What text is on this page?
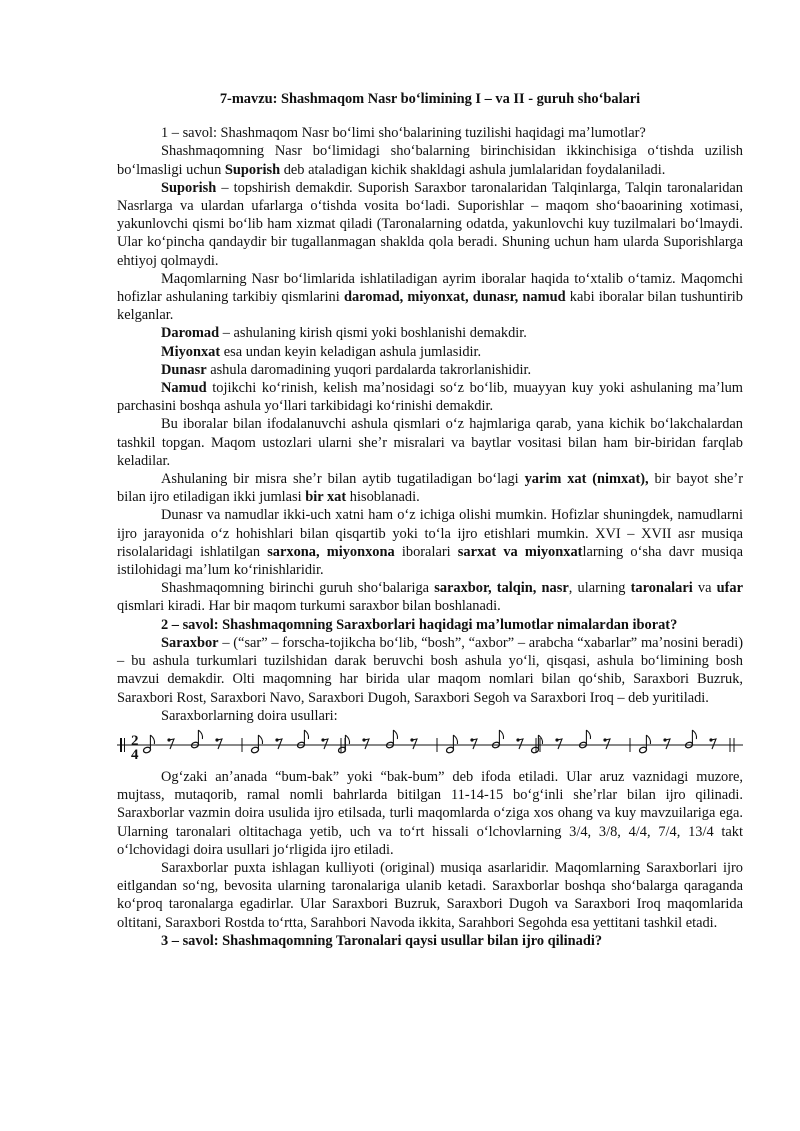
7-mavzu: Shashmaqom Nasr boʻlimining I – va II - guruh shoʻbalari
1 – savol: Shashmaqom Nasr boʻlimi shoʻbalarining tuzilishi haqidagi maʼlumotlar?

Shashmaqomning Nasr boʻlimidagi shoʻbalarning birinchisidan ikkinchisiga oʻtishda uzilish boʻlmasligi uchun Suporish deb ataladigan kichik shakldagi ashula jumlalaridan foydalaniladi.

Suporish – topshirish demakdir. Suporish Saraxbor taronalaridan Talqinlarga, Talqin taronalaridan Nasrlarga va ulardan ufarlarga oʻtishda vosita boʻladi. Suporishlar – maqom shoʻbaoarining xotimasi, yakunlovchi qismi boʻlib ham xizmat qiladi (Taronalarning odatda, yakunlovchi kuy tuzilmalari boʻlmaydi. Ular koʻpincha qandaydir bir tugallanmagan shaklda qola beradi. Shuning uchun ham ularda Suporishlarga ehtiyoj qolmaydi.

Maqomlarning Nasr boʻlimlarida ishlatiladigan ayrim iboralar haqida toʻxtalib oʻtamiz. Maqomchi hofizlar ashulaning tarkibiy qismlarini daromad, miyonxat, dunasr, namud kabi iboralar bilan tushuntirib kelganlar.

Daromad – ashulaning kirish qismi yoki boshlanishi demakdir.

Miyonxat esa undan keyin keladigan ashula jumlasidir.

Dunasr ashula daromadining yuqori pardalarda takrorlanishidir.

Namud tojikchi koʻrinish, kelish maʼnosidagi soʻz boʻlib, muayyan kuy yoki ashulaning maʼlum parchasini boshqa ashula yoʻllari tarkibidagi koʻrinishi demakdir.

Bu iboralar bilan ifodalanuvchi ashula qismlari oʻz hajmlariga qarab, yana kichik boʻlakchalardan tashkil topgan. Maqom ustozlari ularni sheʼr misralari va baytlar vositasi bilan ham bir-biridan farqlab keladilar.

Ashulaning bir misra sheʼr bilan aytib tugatiladigan boʻlagi yarim xat (nimxat), bir bayot sheʼr bilan ijro etiladigan ikki jumlasi bir xat hisoblanadi.

Dunasr va namudlar ikki-uch xatni ham oʻz ichiga olishi mumkin. Hofizlar shuningdek, namudlarni ijro jarayonida oʻz hohishlari bilan qisqartib yoki toʻla ijro etishlari mumkin. XVI – XVII asr musiqa risolalaridagi ishlatilgan sarxona, miyonxona iboralari sarxat va miyonxatlarning oʻsha davr musiqa istilohidagi maʼlum koʻrinishlaridir.

Shashmaqomning birinchi guruh shoʻbalariga saraxbor, talqin, nasr, ularning taronalari va ufar qismlari kiradi. Har bir maqom turkumi saraxbor bilan boshlanadi.

2 – savol: Shashmaqomning Saraxborlari haqidagi maʼlumotlar nimalardan iborat?

Saraxbor – (“sar” – forscha-tojikcha boʻlib, “bosh”, “axbor” – arabcha “xabarlar” maʼnosini beradi) – bu ashula turkumlari tuzilshidan darak beruvchi bosh ashula yoʻli, qisqasi, ashula boʻlimining bosh mavzui demakdir. Olti maqomning har birida ular maqom nomlari bilan qoʻshib, Saraxbori Buzruk, Saraxbori Rost, Saraxbori Navo, Saraxbori Dugoh, Saraxbori Segoh va Saraxbori Iroq – deb yuritiladi.

Saraxborlarning doira usullari:
2
4

Ogʻzaki anʼanada “bum-bak” yoki “bak-bum” deb ifoda etiladi. Ular aruz vaznidagi muzore, mujtass, mutaqorib, ramal nomli bahrlarda bitilgan 11-14-15 boʻgʻinli sheʼrlar bilan ijro qilinadi. Saraxborlar vazmin doira usulida ijro etilsada, turli maqomlarda oʻziga xos ohang va kuy mavzuilariga ega. Ularning taronalari oltitachaga yetib, uch va toʻrt hissali oʻlchovlarning 3/4, 3/8, 4/4, 7/4, 13/4 takt oʻlchovidagi doira usullari joʻrligida ijro etiladi.

Saraxborlar puxta ishlagan kulliyoti (original) musiqa asarlaridir. Maqomlarning Saraxborlari ijro eitlgandan soʻng, bevosita ularning taronalariga ulanib ketadi. Saraxborlar boshqa shoʻbalarga qaraganda koʻproq taronalarga egadirlar. Ular Saraxbori Buzruk, Saraxbori Dugoh va Saraxbori Iroq maqomlarida oltitani, Saraxbori Rostda toʻrtta, Sarahbori Navoda ikkita, Sarahbori Segohda esa yettitani tashkil etadi.

3 – savol: Shashmaqomning Taronalari qaysi usullar bilan ijro qilinadi?
